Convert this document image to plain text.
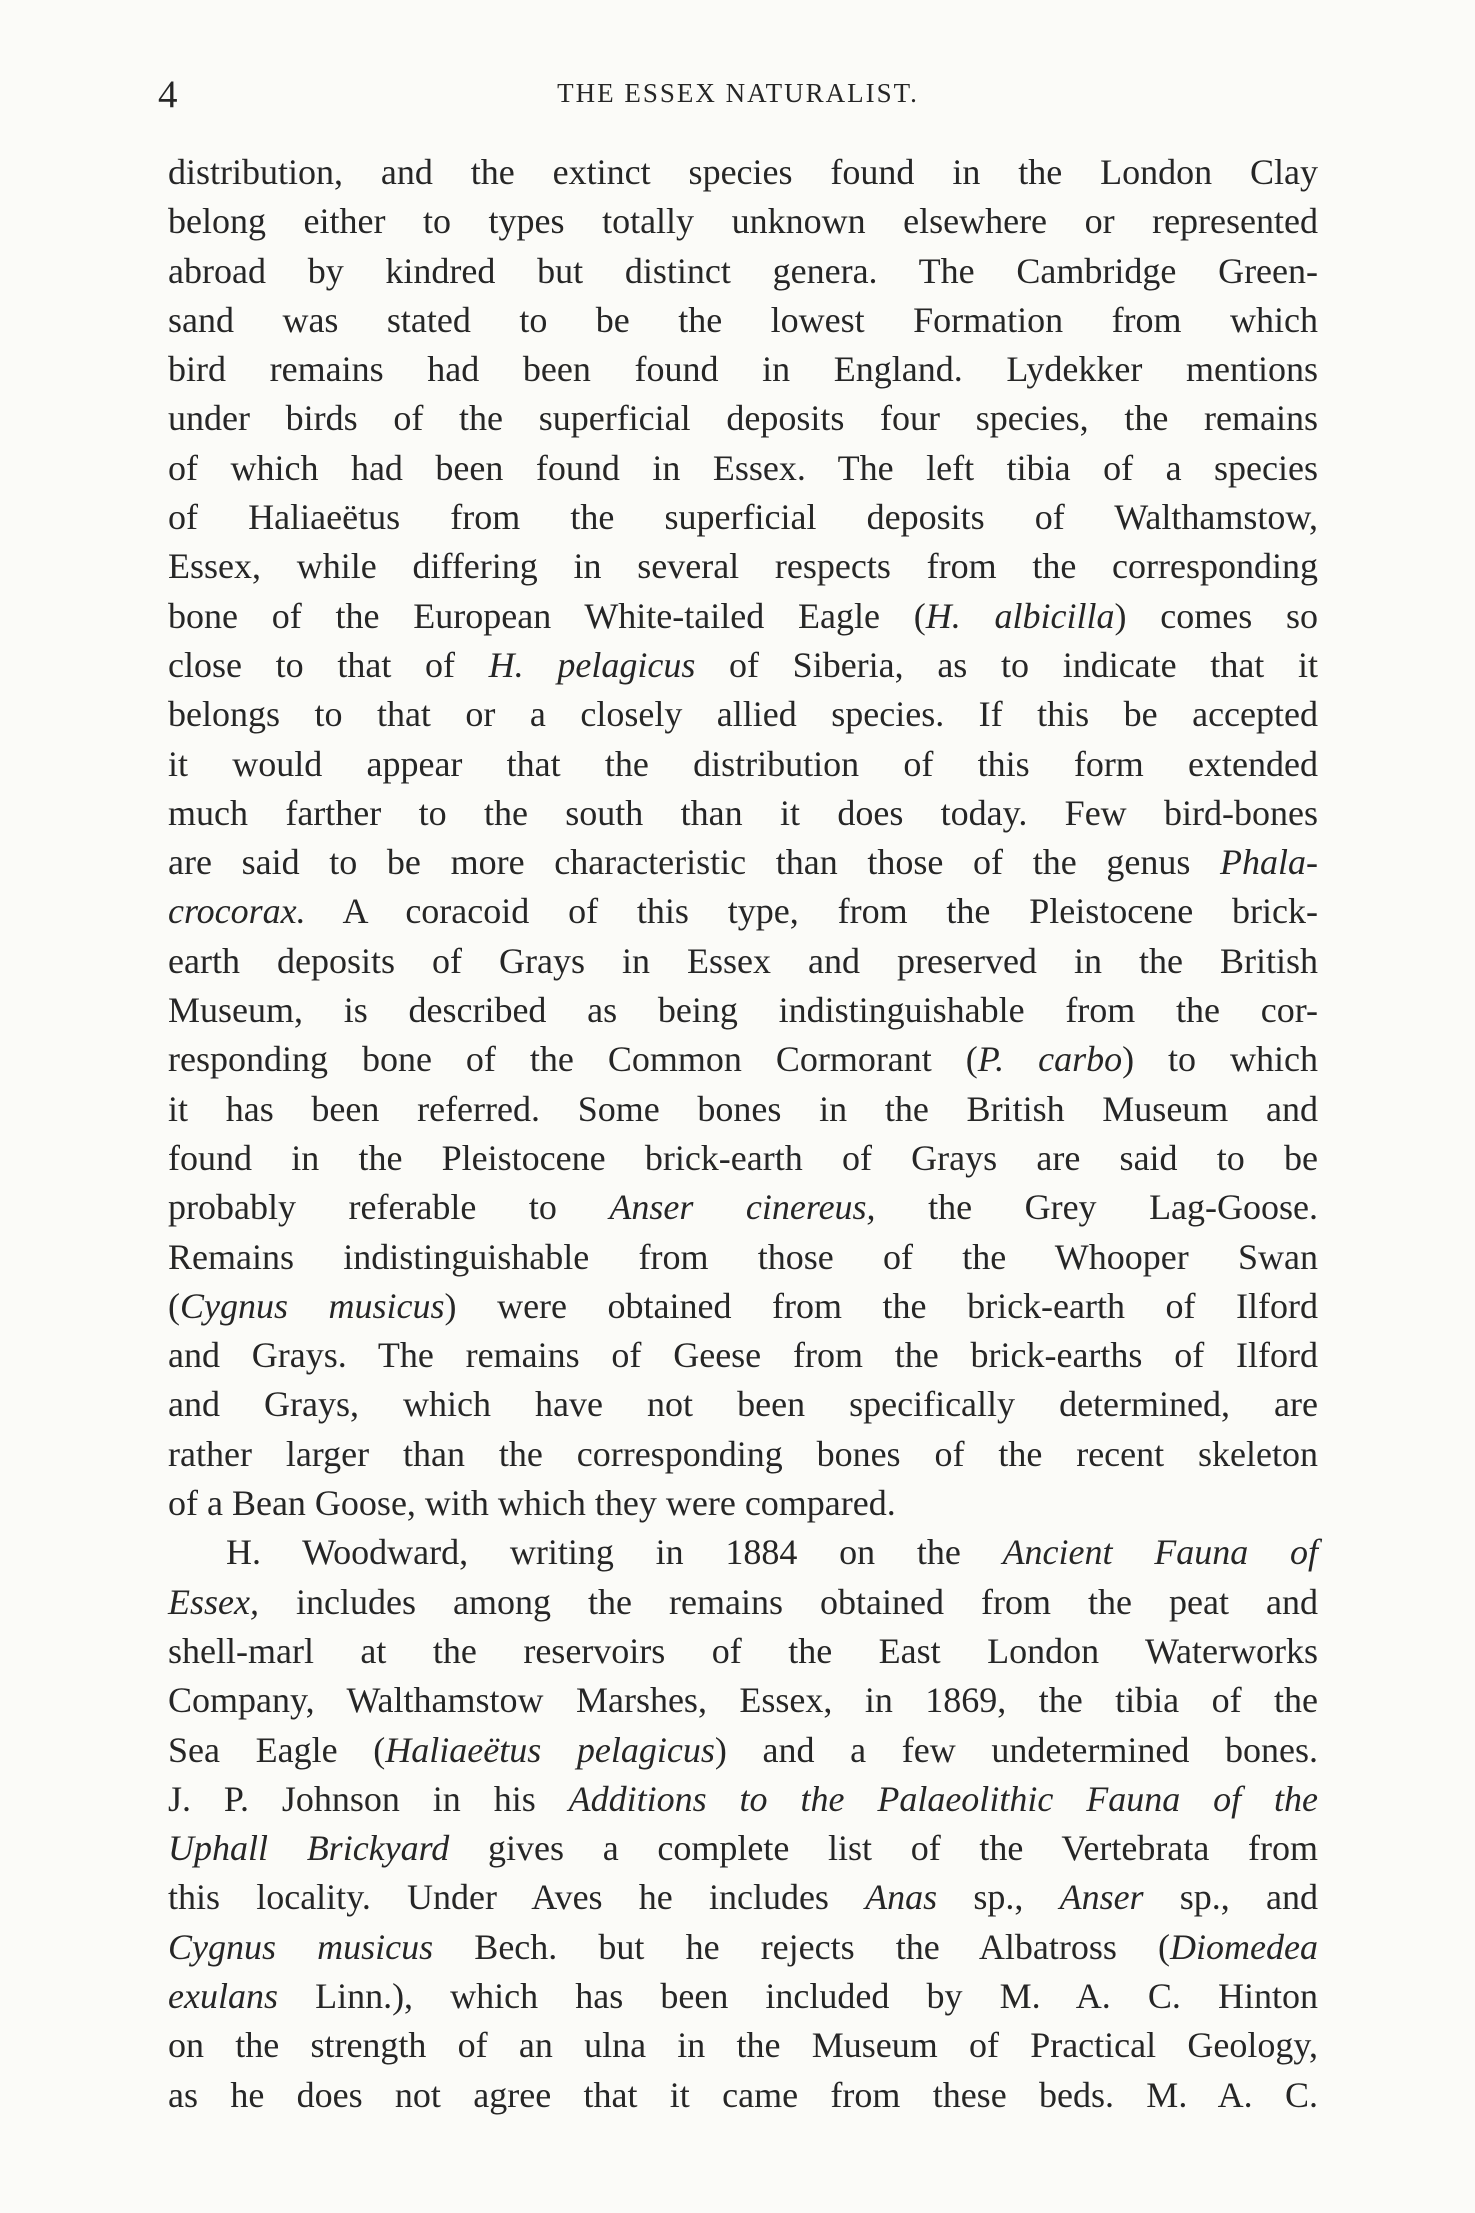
4	THE ESSEX NATURALIST.
distribution, and the extinct species found in the London Clay
belong either to types totally unknown elsewhere or represented
abroad by kindred but distinct genera. The Cambridge Green-
sand was stated to be the lowest Formation from which
bird remains had been found in England. Lydekker mentions
under birds of the superficial deposits four species, the remains
of which had been found in Essex. The left tibia of a species
of Haliaeëtus from the superficial deposits of Walthamstow,
Essex, while differing in several respects from the corresponding
bone of the European White-tailed Eagle (H. albicilla) comes so
close to that of H. pelagicus of Siberia, as to indicate that it
belongs to that or a closely allied species. If this be accepted
it would appear that the distribution of this form extended
much farther to the south than it does today. Few bird-bones
are said to be more characteristic than those of the genus Phala-
crocorax. A coracoid of this type, from the Pleistocene brick-
earth deposits of Grays in Essex and preserved in the British
Museum, is described as being indistinguishable from the cor-
responding bone of the Common Cormorant (P. carbo) to which
it has been referred. Some bones in the British Museum and
found in the Pleistocene brick-earth of Grays are said to be
probably referable to Anser cinereus, the Grey Lag-Goose.
Remains indistinguishable from those of the Whooper Swan
(Cygnus musicus) were obtained from the brick-earth of Ilford
and Grays. The remains of Geese from the brick-earths of Ilford
and Grays, which have not been specifically determined, are
rather larger than the corresponding bones of the recent skeleton
of a Bean Goose, with which they were compared.
H. Woodward, writing in 1884 on the Ancient Fauna of
Essex, includes among the remains obtained from the peat and
shell-marl at the reservoirs of the East London Waterworks
Company, Walthamstow Marshes, Essex, in 1869, the tibia of the
Sea Eagle (Haliaeëtus pelagicus) and a few undetermined bones.
J. P. Johnson in his Additions to the Palaeolithic Fauna of the
Uphall Brickyard gives a complete list of the Vertebrata from
this locality. Under Aves he includes Anas sp., Anser sp., and
Cygnus musicus Bech. but he rejects the Albatross (Diomedea
exulans Linn.), which has been included by M. A. C. Hinton
on the strength of an ulna in the Museum of Practical Geology,
as he does not agree that it came from these beds. M. A. C.
